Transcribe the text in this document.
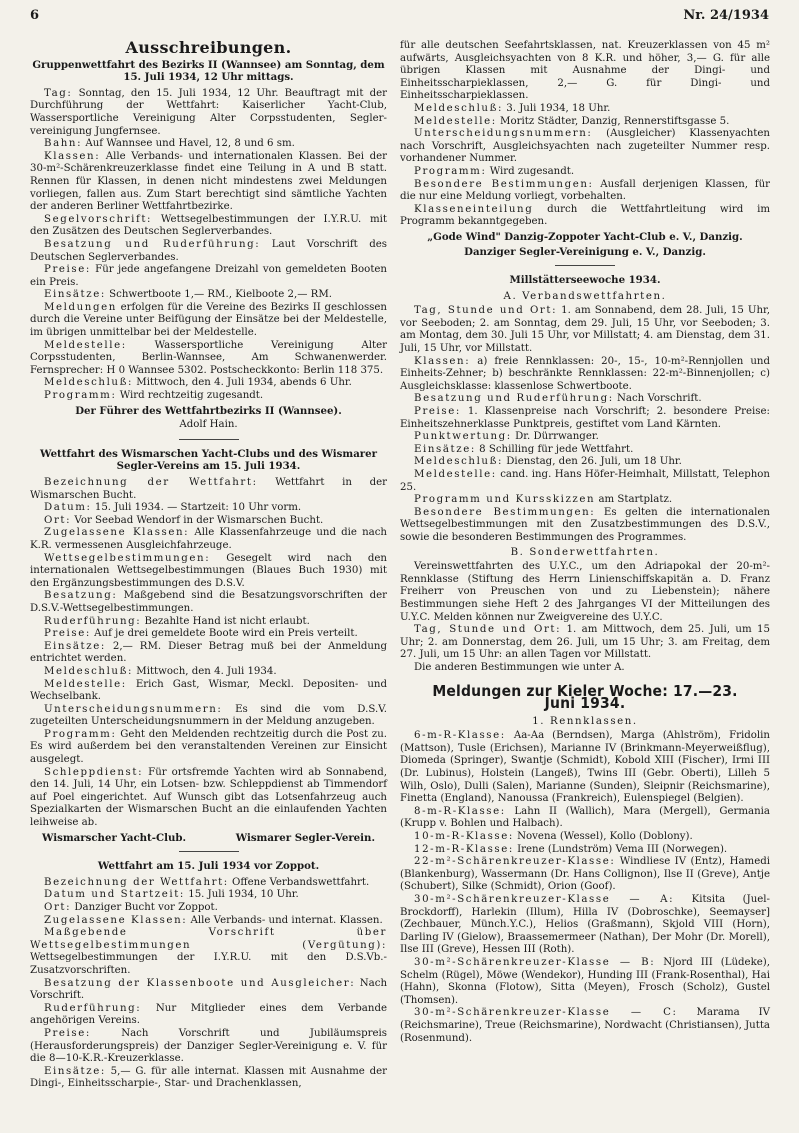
6	Nr. 24/1934
Ausschreibungen.
Gruppenwettfahrt des Bezirks II (Wannsee) am Sonntag, dem 15. Juli 1934, 12 Uhr mittags.

Tag: Sonntag, den 15. Juli 1934, 12 Uhr. Beauftragt mit der Durchführung der Wettfahrt: Kaiserlicher Yacht-Club, Wassersportliche Vereinigung Alter Corpsstudenten, Segler-vereinigung Jungfernsee.

Bahn: Auf Wannsee und Havel, 12, 8 und 6 sm.

Klassen: Alle Verbands- und internationalen Klassen. Bei der 30-m²-Schärenkreuzerklasse findet eine Teilung in A und B statt. Rennen für Klassen, in denen nicht mindestens zwei Meldungen vorliegen, fallen aus. Zum Start berechtigt sind sämtliche Yachten der anderen Berliner Wettfahrtbezirke.

Segelvorschrift: Wettsegelbestimmungen der I.Y.R.U. mit den Zusätzen des Deutschen Seglerverbandes.

Besatzung und Ruderführung: Laut Vorschrift des Deutschen Seglerverbandes.

Preise: Für jede angefangene Dreizahl von gemeldeten Booten ein Preis.

Einsätze: Schwertboote 1,— RM., Kielboote 2,— RM.

Meldungen erfolgen für die Vereine des Bezirks II geschlossen durch die Vereine unter Beifügung der Einsätze bei der Meldestelle, im übrigen unmittelbar bei der Meldestelle.

Meldestelle: Wassersportliche Vereinigung Alter Corpsstudenten, Berlin-Wannsee, Am Schwanenwerder. Fernsprecher: H 0 Wannsee 5302. Postscheckkonto: Berlin 118 375.

Meldeschluß: Mittwoch, den 4. Juli 1934, abends 6 Uhr.

Programm: Wird rechtzeitig zugesandt.

Der Führer des Wettfahrtbezirks II (Wannsee).
Adolf Hain.
Wettfahrt des Wismarschen Yacht-Clubs und des Wismarer Segler-Vereins am 15. Juli 1934.

Bezeichnung der Wettfahrt: Wettfahrt in der Wismarschen Bucht.

Datum: 15. Juli 1934. — Startzeit: 10 Uhr vorm.

Ort: Vor Seebad Wendorf in der Wismarschen Bucht.

Zugelassene Klassen: Alle Klassenfahrzeuge und die nach K.R. vermessenen Ausgleichfahrzeuge.

Wettsegelbestimmungen: Gesegelt wird nach den internationalen Wettsegelbestimmungen (Blaues Buch 1930) mit den Ergänzungsbestimmungen des D.S.V.

Besatzung: Maßgebend sind die Besatzungsvorschriften der D.S.V.-Wettsegelbestimmungen.

Ruderführung: Bezahlte Hand ist nicht erlaubt.

Preise: Auf je drei gemeldete Boote wird ein Preis verteilt.

Einsätze: 2,— RM. Dieser Betrag muß bei der Anmeldung entrichtet werden.

Meldeschluß: Mittwoch, den 4. Juli 1934.

Meldestelle: Erich Gast, Wismar, Meckl. Depositen- und Wechselbank.

Unterscheidungsnummern: Es sind die vom D.S.V. zugeteilten Unterscheidungsnummern in der Meldung anzugeben.

Programm: Geht den Meldenden rechtzeitig durch die Post zu. Es wird außerdem bei den veranstaltenden Vereinen zur Einsicht ausgelegt.

Schleppdienst: Für ortsfremde Yachten wird ab Sonnabend, den 14. Juli, 14 Uhr, ein Lotsen- bzw. Schleppdienst ab Timmendorf auf Poel eingerichtet. Auf Wunsch gibt das Lotsenfahrzeug auch Spezialkarten der Wismarschen Bucht an die einlaufenden Yachten leihweise ab.

Wismarscher Yacht-Club.	Wismarer Segler-Verein.
Wettfahrt am 15. Juli 1934 vor Zoppot.

Bezeichnung der Wettfahrt: Offene Verbandswettfahrt.

Datum und Startzeit: 15. Juli 1934, 10 Uhr.

Ort: Danziger Bucht vor Zoppot.

Zugelassene Klassen: Alle Verbands- und internat. Klassen.

Maßgebende Vorschrift über Wettsegelbestimmungen (Vergütung): Wettsegelbestimmungen der I.Y.R.U. mit den D.S.Vb.-Zusatzvorschriften.

Besatzung der Klassenboote und Ausgleicher: Nach Vorschrift.

Ruderführung: Nur Mitglieder eines dem Verbande angehörigen Vereins.

Preise: Nach Vorschrift und Jubiläumspreis (Herausforderungspreis) der Danziger Segler-Vereinigung e. V. für die 8—10-K.R.-Kreuzerklasse.

Einsätze: 5,— G. für alle internat. Klassen mit Ausnahme der Dingi-, Einheitsscharpie-, Star- und Drachenklassen,

für alle deutschen Seefahrtsklassen, nat. Kreuzerklassen von 45 m² aufwärts, Ausgleichsyachten von 8 K.R. und höher, 3,— G. für alle übrigen Klassen mit Ausnahme der Dingi- und Einheitsscharpieklassen, 2,— G. für Dingi- und Einheitsscharpieklassen.

Meldeschluß: 3. Juli 1934, 18 Uhr.

Meldestelle: Moritz Städter, Danzig, Rennerstiftsgasse 5.

Unterscheidungsnummern: (Ausgleicher) Klassenyachten nach Vorschrift, Ausgleichsyachten nach zugeteilter Nummer resp. vorhandener Nummer.

Programm: Wird zugesandt.

Besondere Bestimmungen: Ausfall derjenigen Klassen, für die nur eine Meldung vorliegt, vorbehalten.

Klasseneinteilung durch die Wettfahrtleitung wird im Programm bekanntgegeben.

„Gode Wind" Danzig-Zoppoter Yacht-Club e. V., Danzig.
Danziger Segler-Vereinigung e. V., Danzig.
Millstätterseewoche 1934.
A. Verbandswettfahrten.

Tag, Stunde und Ort: 1. am Sonnabend, dem 28. Juli, 15 Uhr, vor Seeboden; 2. am Sonntag, dem 29. Juli, 15 Uhr, vor Seeboden; 3. am Montag, dem 30. Juli 15 Uhr, vor Millstatt; 4. am Dienstag, dem 31. Juli, 15 Uhr, vor Millstatt.

Klassen: a) freie Rennklassen: 20-, 15-, 10-m²-Rennjollen und Einheits-Zehner; b) beschränkte Rennklassen: 22-m²-Binnenjollen; c) Ausgleichsklasse: klassenlose Schwertboote.

Besatzung und Ruderführung: Nach Vorschrift.

Preise: 1. Klassenpreise nach Vorschrift; 2. besondere Preise: Einheitszehnerklasse Punktpreis, gestiftet vom Land Kärnten.

Punktwertung: Dr. Dürrwanger.

Einsätze: 8 Schilling für jede Wettfahrt.

Meldeschluß: Dienstag, den 26. Juli, um 18 Uhr.

Meldestelle: cand. ing. Hans Höfer-Heimhalt, Millstatt, Telephon 25.

Programm und Kursskizzen am Startplatz.

Besondere Bestimmungen: Es gelten die internationalen Wettsegelbestimmungen mit den Zusatzbestimmungen des D.S.V., sowie die besonderen Bestimmungen des Programmes.

B. Sonderwettfahrten.

Vereinswettfahrten des U.Y.C., um den Adriapokal der 20-m²-Rennklasse (Stiftung des Herrn Linienschiffskapitän a. D. Franz Freiherr von Preuschen von und zu Liebenstein); nähere Bestimmungen siehe Heft 2 des Jahrganges VI der Mitteilungen des U.Y.C. Melden können nur Zweigvereine des U.Y.C.

Tag, Stunde und Ort: 1. am Mittwoch, dem 25. Juli, um 15 Uhr; 2. am Donnerstag, dem 26. Juli, um 15 Uhr; 3. am Freitag, dem 27. Juli, um 15 Uhr: an allen Tagen vor Millstatt.

Die anderen Bestimmungen wie unter A.

Meldungen zur Kieler Woche: 17.—23. Juni 1934.
1. Rennklassen.

6-m-R-Klasse: Aa-Aa (Berndsen), Marga (Ahlström), Fridolin (Mattson), Tusle (Erichsen), Marianne IV (Brinkmann-Meyerweißflug), Diomeda (Springer), Swantje (Schmidt), Kobold XIII (Fischer), Irmi III (Dr. Lubinus), Holstein (Langeß), Twins III (Gebr. Oberti), Lilleh 5 Wilh, Oslo), Dulli (Salen), Marianne (Sunden), Sleipnir (Reichsmarine), Finetta (England), Nanoussa (Frankreich), Eulenspiegel (Belgien).

8-m-R-Klasse: Lahn II (Wallich), Mara (Mergell), Germania (Krupp v. Bohlen und Halbach).

10-m-R-Klasse: Novena (Wessel), Kollo (Doblony).

12-m-R-Klasse: Irene (Lundström) Vema III (Norwegen).

22-m²-Schärenkreuzer-Klasse: Windliese IV (Entz), Hamedi (Blankenburg), Wassermann (Dr. Hans Collignon), Ilse II (Greve), Antje (Schubert), Silke (Schmidt), Orion (Goof).

30-m²-Schärenkreuzer-Klasse — A: Kitsita (Juel-Brockdorff), Harlekin (Illum), Hilla IV (Dobroschke), Seemayser] (Zechbauer, Münch.Y.C.), Helios (Graßmann), Skjold VIII (Horn), Darling IV (Gielow), Braassemermeer (Nathan), Der Mohr (Dr. Morell), Ilse III (Greve), Hessen III (Roth).

30-m²-Schärenkreuzer-Klasse — B: Njord III (Lüdeke), Schelm (Rügel), Möwe (Wendekor), Hunding III (Frank-Rosenthal), Hai (Hahn), Skonna (Flotow), Sitta (Meyen), Frosch (Scholz), Gustel (Thomsen).

30-m²-Schärenkreuzer-Klasse — C: Marama IV (Reichsmarine), Treue (Reichsmarine), Nordwacht (Christiansen), Jutta (Rosenmund).
